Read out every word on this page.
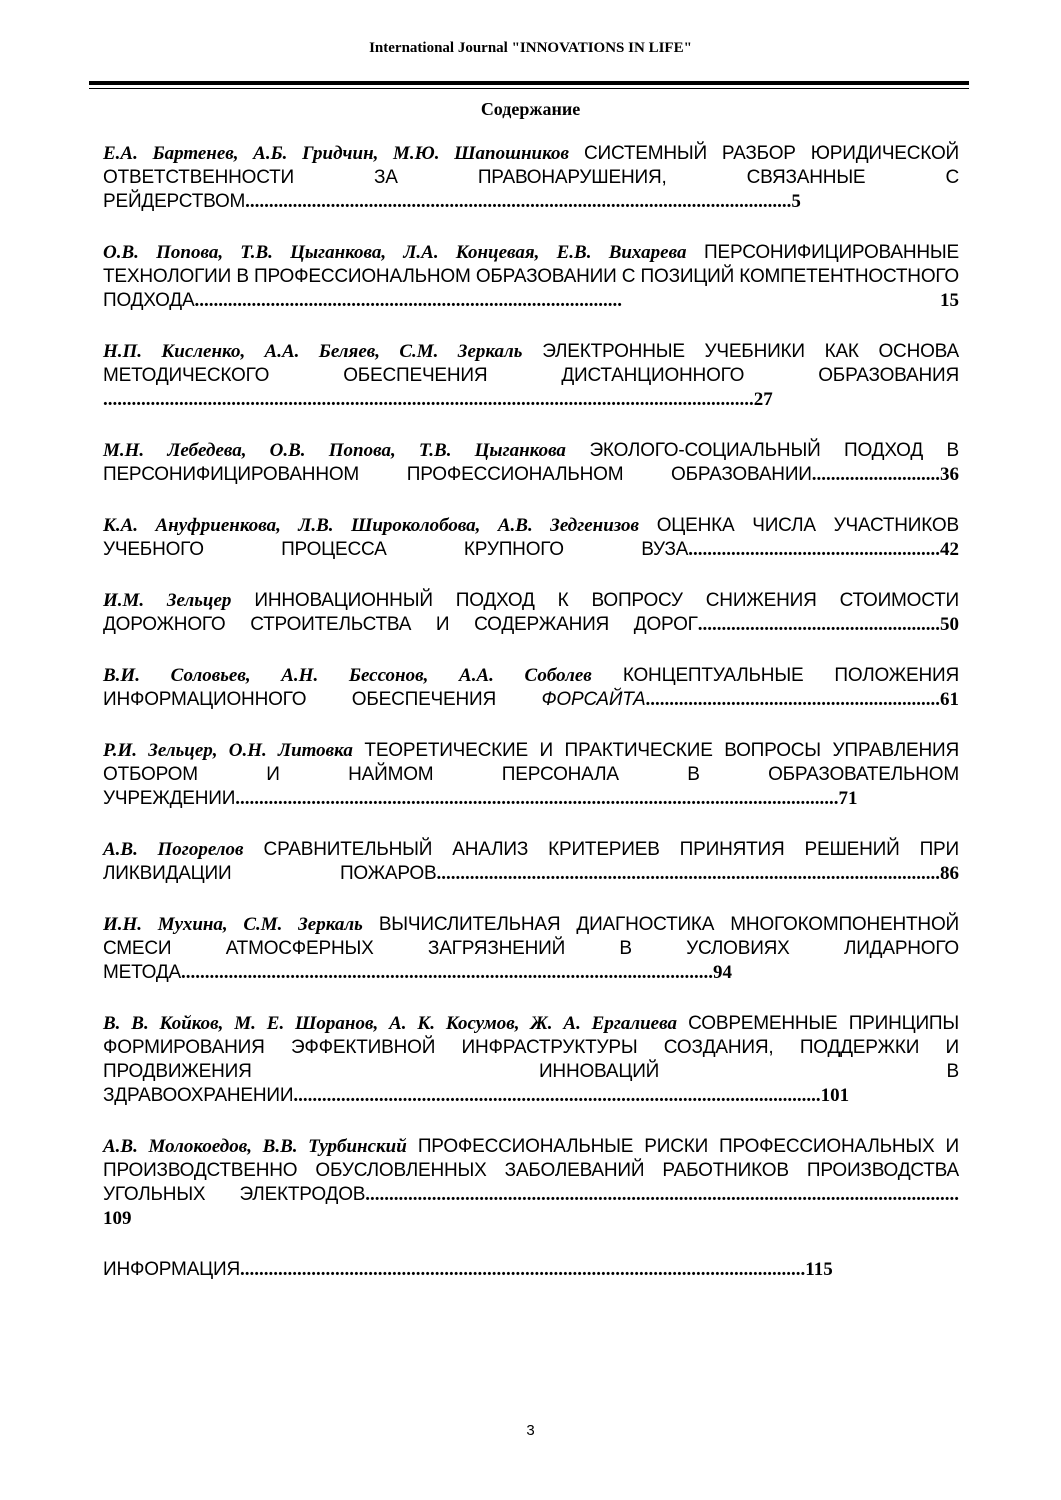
International Journal "INNOVATIONS IN LIFE"
Содержание
Е.А. Бартенев, А.Б. Гридчин, М.Ю. Шапошников СИСТЕМНЫЙ РАЗБОР ЮРИДИЧЕСКОЙ ОТВЕТСТВЕННОСТИ ЗА ПРАВОНАРУШЕНИЯ, СВЯЗАННЫЕ С РЕЙДЕРСТВОМ...................................................................................................................5
О.В. Попова, Т.В. Цыганкова, Л.А. Концевая, Е.В. Вихарева ПЕРСОНИФИЦИРОВАННЫЕ ТЕХНОЛОГИИ В ПРОФЕССИОНАЛЬНОМ ОБРАЗОВАНИИ С ПОЗИЦИЙ КОМПЕТЕНТНОСТНОГО ПОДХОДА..........................................................................................	15
Н.П. Кисленко, А.А. Беляев, С.М. Зеркаль ЭЛЕКТРОННЫЕ УЧЕБНИКИ КАК ОСНОВА МЕТОДИЧЕСКОГО ОБЕСПЕЧЕНИЯ ДИСТАНЦИОННОГО ОБРАЗОВАНИЯ .........................................................................................................................................27
М.Н. Лебедева, О.В. Попова, Т.В. Цыганкова ЭКОЛОГО-СОЦИАЛЬНЫЙ ПОДХОД В ПЕРСОНИФИЦИРОВАННОМ ПРОФЕССИОНАЛЬНОМ ОБРАЗОВАНИИ...........................36
К.А. Ануфриенкова, Л.В. Широколобова, А.В. Зедгенизов ОЦЕНКА ЧИСЛА УЧАСТНИКОВ УЧЕБНОГО ПРОЦЕССА КРУПНОГО ВУЗА.....................................................42
И.М. Зельцер ИННОВАЦИОННЫЙ ПОДХОД К ВОПРОСУ СНИЖЕНИЯ СТОИМОСТИ ДОРОЖНОГО СТРОИТЕЛЬСТВА И СОДЕРЖАНИЯ ДОРОГ...................................................50
В.И. Соловьев, А.Н. Бессонов, А.А. Соболев КОНЦЕПТУАЛЬНЫЕ ПОЛОЖЕНИЯ ИНФОРМАЦИОННОГО ОБЕСПЕЧЕНИЯ ФОРСАЙТА..............................................................61
Р.И. Зельцер, О.Н. Литовка ТЕОРЕТИЧЕСКИЕ И ПРАКТИЧЕСКИЕ ВОПРОСЫ УПРАВЛЕНИЯ ОТБОРОМ И НАЙМОМ ПЕРСОНАЛА В ОБРАЗОВАТЕЛЬНОМ УЧРЕЖДЕНИИ...............................................................................................................................71
А.В. Погорелов СРАВНИТЕЛЬНЫЙ АНАЛИЗ КРИТЕРИЕВ ПРИНЯТИЯ РЕШЕНИЙ ПРИ ЛИКВИДАЦИИ ПОЖАРОВ..........................................................................................................86
И.Н. Мухина, С.М. Зеркаль ВЫЧИСЛИТЕЛЬНАЯ ДИАГНОСТИКА МНОГОКОМПОНЕНТНОЙ СМЕСИ АТМОСФЕРНЫХ ЗАГРЯЗНЕНИЙ В УСЛОВИЯХ ЛИДАРНОГО МЕТОДА................................................................................................................94
В. В. Койков, М. Е. Шоранов, А. К. Косумов, Ж. А. Ергалиева СОВРЕМЕННЫЕ ПРИНЦИПЫ ФОРМИРОВАНИЯ ЭФФЕКТИВНОЙ ИНФРАСТРУКТУРЫ СОЗДАНИЯ, ПОДДЕРЖКИ И ПРОДВИЖЕНИЯ ИННОВАЦИЙ В ЗДРАВООХРАНЕНИИ...............................................................................................................101
А.В. Молокоедов, В.В. Турбинский ПРОФЕССИОНАЛЬНЫЕ РИСКИ ПРОФЕССИОНАЛЬНЫХ И ПРОИЗВОДСТВЕННО ОБУСЛОВЛЕННЫХ ЗАБОЛЕВАНИЙ РАБОТНИКОВ ПРОИЗВОДСТВА УГОЛЬНЫХ ЭЛЕКТРОДОВ............................................................................................................................. 109
ИНФОРМАЦИЯ.......................................................................................................................115
3
